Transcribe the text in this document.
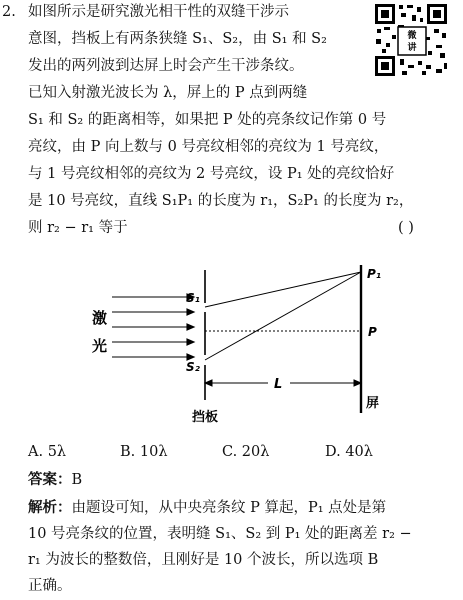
2. 如图所示是研究激光相干性的双缝干涉示
意图，挡板上有两条狭缝 S₁、S₂，由 S₁ 和 S₂
发出的两列波到达屏上时会产生干涉条纹。
已知入射激光波长为 λ，屏上的 P 点到两缝
S₁ 和 S₂ 的距离相等，如果把 P 处的亮条纹记作第 0 号
亮纹，由 P 向上数与 0 号亮纹相邻的亮纹为 1 号亮纹，
与 1 号亮纹相邻的亮纹为 2 号亮纹，设 P₁ 处的亮纹恰好
是 10 号亮纹，直线 S₁P₁ 的长度为 r₁，S₂P₁ 的长度为 r₂，
则 r₂ − r₁ 等于	( )
微
讲
激
光
S₁
S₂
挡板
屏
P₁
P
L
A. 5λ	B. 10λ	C. 20λ	D. 40λ
答案：B
解析：由题设可知，从中央亮条纹 P 算起，P₁ 点处是第
10 号亮条纹的位置，表明缝 S₁、S₂ 到 P₁ 处的距离差 r₂ −
r₁ 为波长的整数倍，且刚好是 10 个波长，所以选项 B
正确。
